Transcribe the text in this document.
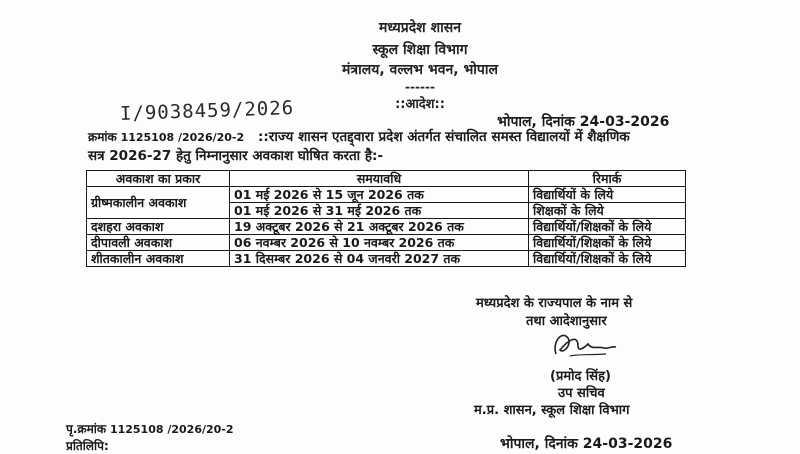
मध्यप्रदेश शासन
स्कूल शिक्षा विभाग
मंत्रालय, वल्लभ भवन, भोपाल
------
::आदेश::
I/9038459/2026	भोपाल, दिनांक 24-03-2026
क्रमांक 1125108 /2026/20-2 ::राज्य शासन एतद्द्वारा प्रदेश अंतर्गत संचालित समस्त विद्यालयों में शैक्षणिक
सत्र 2026-27 हेतु निम्नानुसार अवकाश घोषित करता है:-
अवकाश का प्रकार	समयावधि	रिमार्क
ग्रीष्मकालीन अवकाश	01 मई 2026 से 15 जून 2026 तक	विद्यार्थियों के लिये
	01 मई 2026 से 31 मई 2026 तक	शिक्षकों के लिये
दशहरा अवकाश	19 अक्टूबर 2026 से 21 अक्टूबर 2026 तक	विद्यार्थियों/शिक्षकों के लिये
दीपावली अवकाश	06 नवम्बर 2026 से 10 नवम्बर 2026 तक	विद्यार्थियों/शिक्षकों के लिये
शीतकालीन अवकाश	31 दिसम्बर 2026 से 04 जनवरी 2027 तक	विद्यार्थियों/शिक्षकों के लिये
मध्यप्रदेश के राज्यपाल के नाम से
तथा आदेशानुसार
(प्रमोद सिंह)
उप सचिव
म.प्र. शासन, स्कूल शिक्षा विभाग
पृ.क्रमांक 1125108 /2026/20-2
प्रतिलिपि:	भोपाल, दिनांक 24-03-2026
